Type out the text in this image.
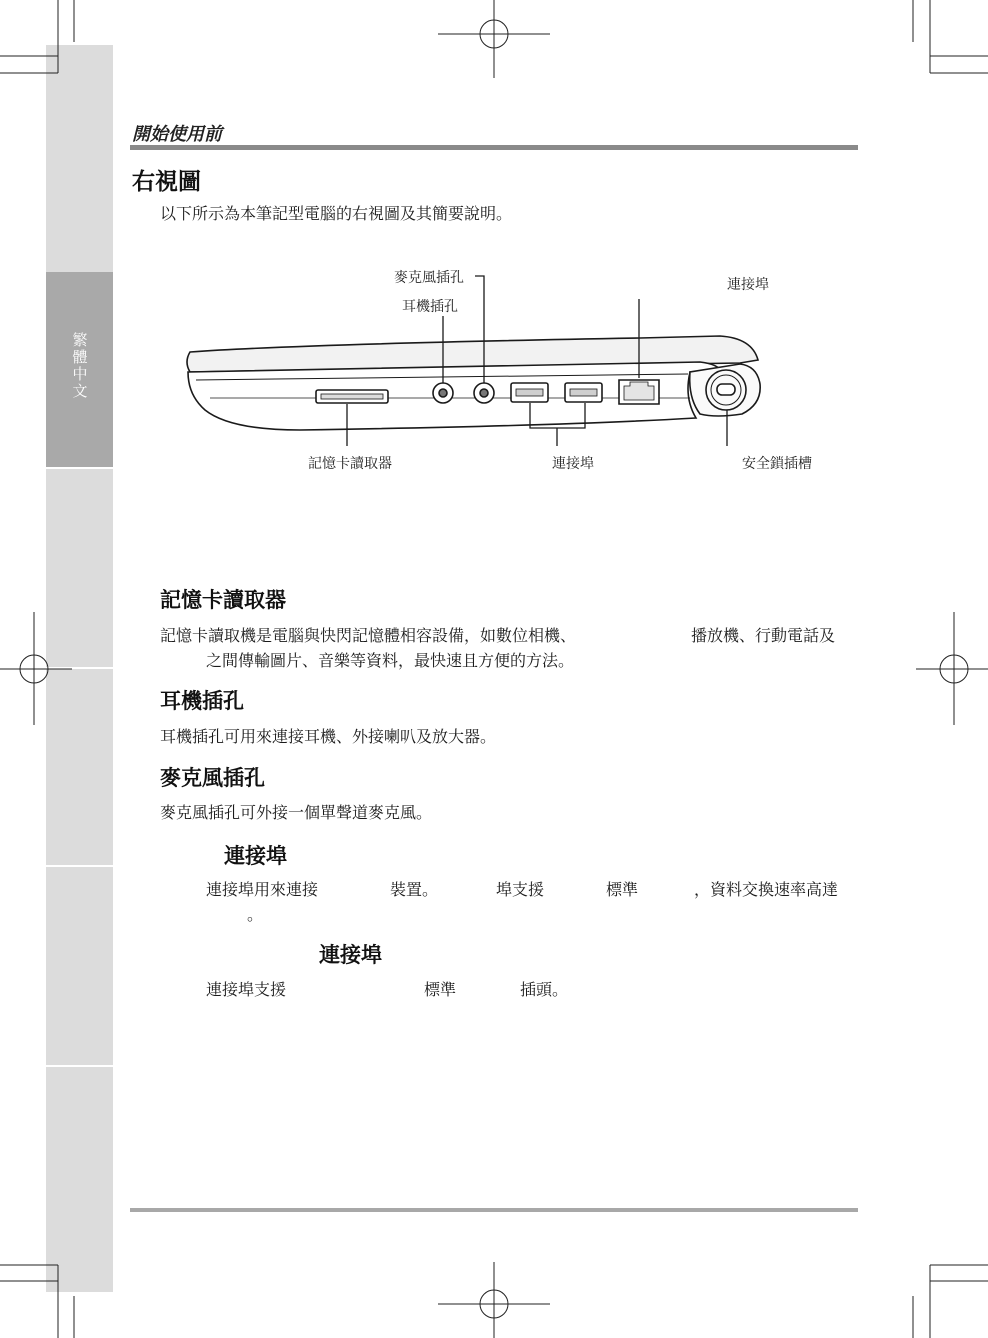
繁體中文
開始使用前
右視圖
以下所示為本筆記型電腦的右視圖及其簡要說明。
麥克風插孔
耳機插孔
連接埠
記憶卡讀取器	連接埠	安全鎖插槽
記憶卡讀取器
記憶卡讀取機是電腦與快閃記憶體相容設備，如數位相機、	播放機、行動電話及
之間傳輸圖片、音樂等資料，最快速且方便的方法。
耳機插孔
耳機插孔可用來連接耳機、外接喇叭及放大器。
麥克風插孔
麥克風插孔可外接一個單聲道麥克風。
連接埠
連接埠用來連接	裝置。	埠支援	標準	，資料交換速率高達
。
連接埠
連接埠支援	標準	插頭。
